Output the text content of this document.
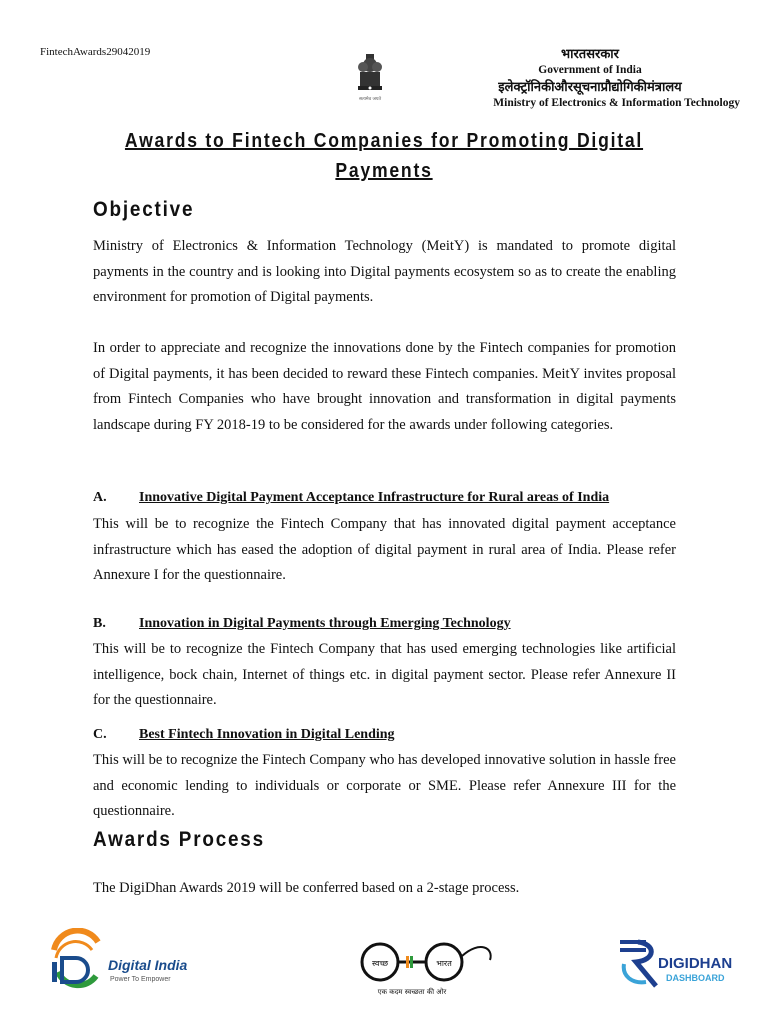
FintechAwards29042019
सत्यमेव जयते
भारतसरकार
Government of India
इलेक्ट्रॉनिकीऔरसूचनाप्रौद्योगिकीमंत्रालय
Ministry of Electronics & Information Technology
Awards to Fintech Companies for Promoting Digital
Payments
Objective
Ministry of Electronics & Information Technology (MeitY) is mandated to promote digital payments in the country and is looking into Digital payments ecosystem so as to create the enabling environment for promotion of Digital payments.
In order to appreciate and recognize the innovations done by the Fintech companies for promotion of Digital payments, it has been decided to reward these Fintech companies. MeitY invites proposal from Fintech Companies who have brought innovation and transformation in digital payments landscape during FY 2018-19 to be considered for the awards under following categories.
A. Innovative Digital Payment Acceptance Infrastructure for Rural areas of India
This will be to recognize the Fintech Company that has innovated digital payment acceptance infrastructure which has eased the adoption of digital payment in rural area of India. Please refer Annexure I for the questionnaire.
B. Innovation in Digital Payments through Emerging Technology
This will be to recognize the Fintech Company that has used emerging technologies like artificial intelligence, bock chain, Internet of things etc. in digital payment sector. Please refer Annexure II for the questionnaire.
C. Best Fintech Innovation in Digital Lending
This will be to recognize the Fintech Company who has developed innovative solution in hassle free and economic lending to individuals or corporate or SME. Please refer Annexure III for the questionnaire.
Awards Process
The DigiDhan Awards 2019 will be conferred based on a 2-stage process.
Digital India
Power To Empower
स्वच्छ	भारत
एक कदम स्वच्छता की ओर
DIGIDHAN
DASHBOARD
